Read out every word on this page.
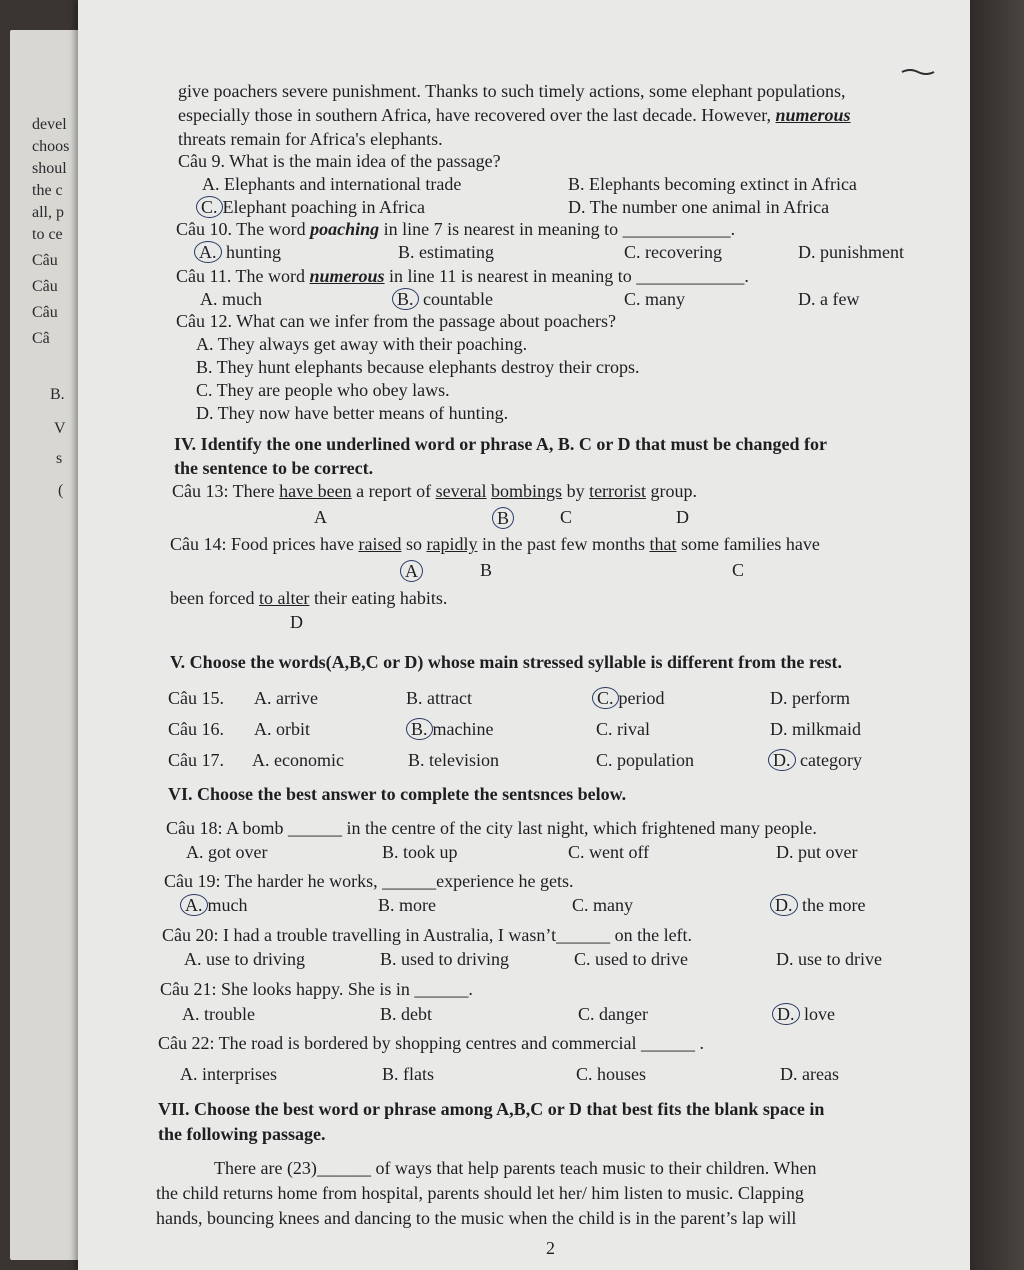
devel
choos
shoul
the c
all, p
to ce
Câu
Câu
Câu
Câ
B.
V
s
(
give poachers severe punishment. Thanks to such timely actions, some elephant populations,
especially those in southern Africa, have recovered over the last decade. However, numerous
threats remain for Africa's elephants.
Câu 9. What is the main idea of the passage?
A. Elephants and international trade	B. Elephants becoming extinct in Africa
C. Elephant poaching in Africa	D. The number one animal in Africa
Câu 10. The word poaching in line 7 is nearest in meaning to ____________.
A. hunting	B. estimating	C. recovering	D. punishment
Câu 11. The word numerous in line 11 is nearest in meaning to ____________.
A. much	B. countable	C. many	D. a few
Câu 12. What can we infer from the passage about poachers?
A. They always get away with their poaching.
B. They hunt elephants because elephants destroy their crops.
C. They are people who obey laws.
D. They now have better means of hunting.
IV. Identify the one underlined word or phrase A, B. C or D that must be changed for
the sentence to be correct.
Câu 13: There have been a report of several bombings by terrorist group.
A	B	C	D
Câu 14: Food prices have raised so rapidly in the past few months that some families have
A	B	C
been forced to alter their eating habits.
D
V. Choose the words(A,B,C or D) whose main stressed syllable is different from the rest.
Câu 15. A. arrive	B. attract	C. period	D. perform
Câu 16. A. orbit	B. machine	C. rival	D. milkmaid
Câu 17. A. economic	B. television	C. population	D. category
VI. Choose the best answer to complete the sentsnces below.
Câu 18: A bomb ______ in the centre of the city last night, which frightened many people.
A. got over	B. took up	C. went off	D. put over
Câu 19: The harder he works, ______experience he gets.
A. much	B. more	C. many	D. the more
Câu 20: I had a trouble travelling in Australia, I wasn’t______ on the left.
A. use to driving	B. used to driving	C. used to drive	D. use to drive
Câu 21: She looks happy. She is in ______.
A. trouble	B. debt	C. danger	D. love
Câu 22: The road is bordered by shopping centres and commercial ______ .
A. interprises	B. flats	C. houses	D. areas
VII. Choose the best word or phrase among A,B,C or D that best fits the blank space in
the following passage.
There are (23)______ of ways that help parents teach music to their children. When
the child returns home from hospital, parents should let her/ him listen to music. Clapping
hands, bouncing knees and dancing to the music when the child is in the parent’s lap will
2
